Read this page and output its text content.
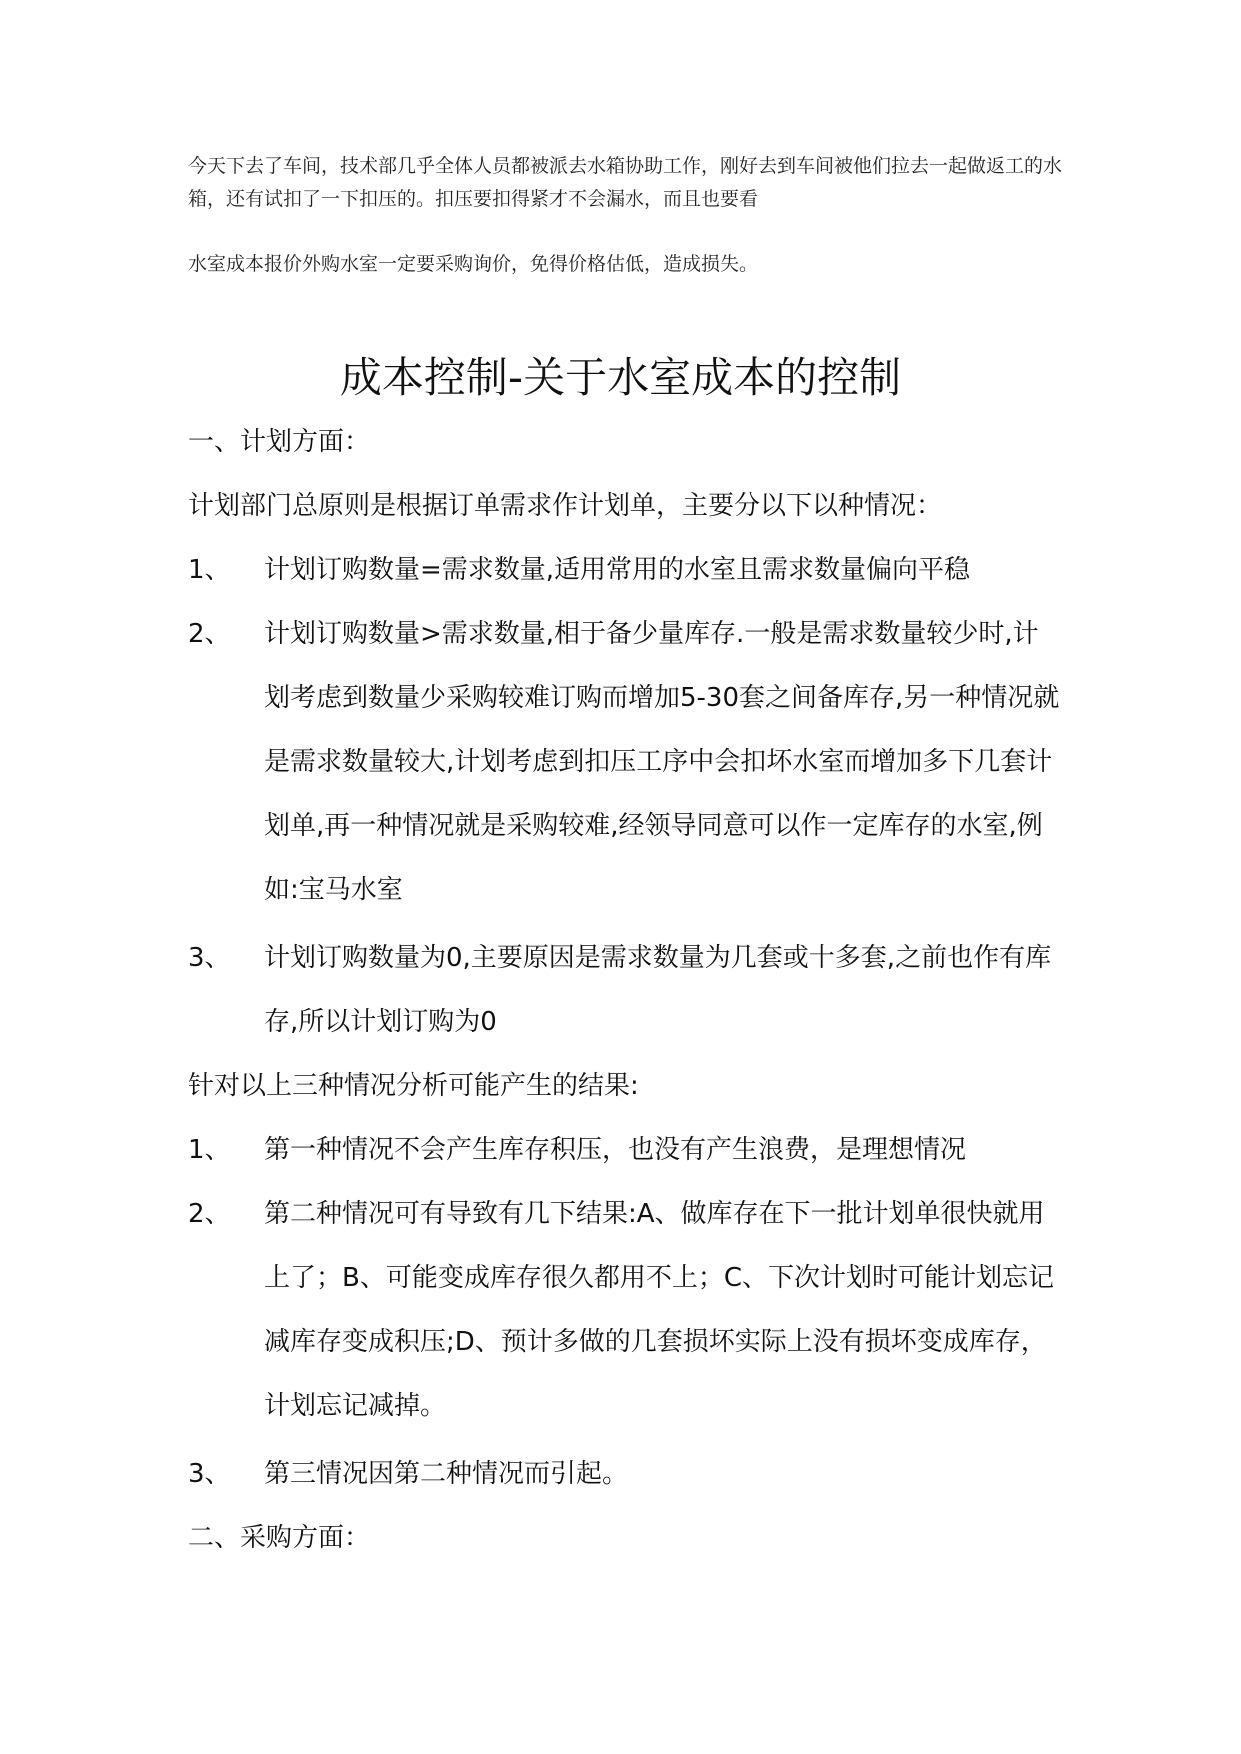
今天下去了车间，技术部几乎全体人员都被派去水箱协助工作，刚好去到车间被他们拉去一起做返工的水箱，还有试扣了一下扣压的。扣压要扣得紧才不会漏水，而且也要看

水室成本报价外购水室一定要采购询价，免得价格估低，造成损失。

成本控制-关于水室成本的控制
一、计划方面：
计划部门总原则是根据订单需求作计划单，主要分以下以种情况：
1、 计划订购数量=需求数量,适用常用的水室且需求数量偏向平稳
2、 计划订购数量>需求数量,相于备少量库存.一般是需求数量较少时,计划考虑到数量少采购较难订购而增加5-30套之间备库存,另一种情况就是需求数量较大,计划考虑到扣压工序中会扣坏水室而增加多下几套计划单,再一种情况就是采购较难,经领导同意可以作一定库存的水室,例如:宝马水室
3、 计划订购数量为0,主要原因是需求数量为几套或十多套,之前也作有库存,所以计划订购为0
针对以上三种情况分析可能产生的结果:
1、 第一种情况不会产生库存积压，也没有产生浪费，是理想情况
2、 第二种情况可有导致有几下结果:A、做库存在下一批计划单很快就用上了；B、可能变成库存很久都用不上；C、下次计划时可能计划忘记减库存变成积压;D、预计多做的几套损坏实际上没有损坏变成库存，计划忘记减掉。
3、 第三情况因第二种情况而引起。
二、采购方面：
